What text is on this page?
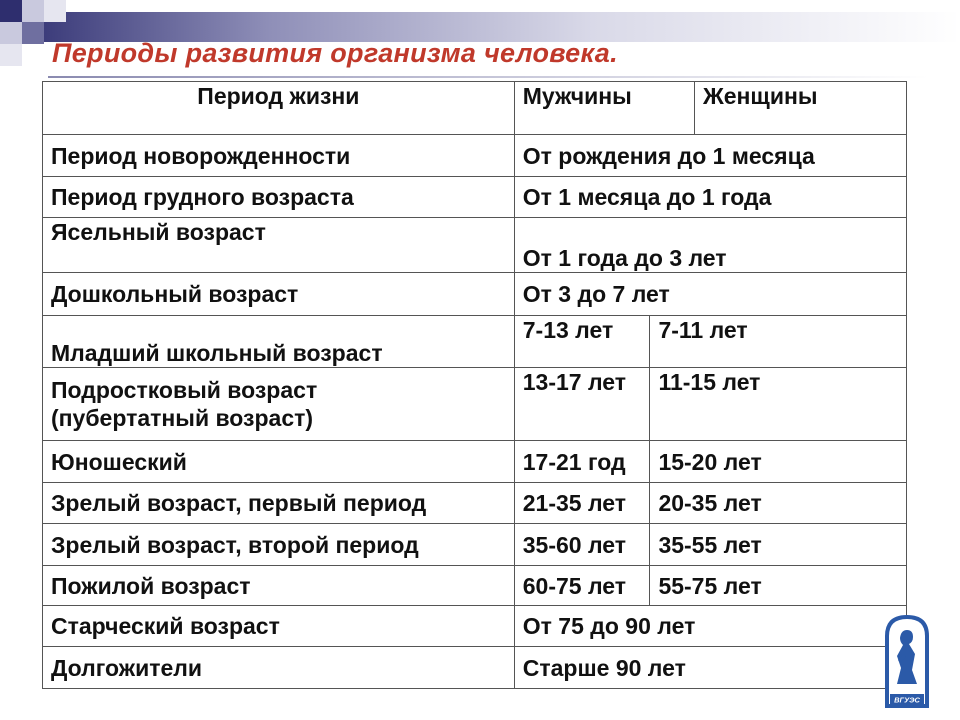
Периоды развития организма человека.
Период жизни	Мужчины		Женщины
Период новорожденности	От рождения до 1 месяца		
Период грудного возраста	От 1 месяца до 1 года		
Ясельный возраст	От 1 года до 3 лет		
Дошкольный возраст	От 3 до 7 лет		
Младший школьный возраст	7-13 лет	7-11 лет	

Подростковый возраст
(пубертатный возраст)	13-17 лет	11-15 лет	
Юношеский	17-21 год	15-20 лет	
Зрелый возраст, первый период	21-35 лет	20-35 лет	
Зрелый возраст, второй период	35-60 лет	35-55 лет	
Пожилой возраст	60-75 лет	55-75 лет	
Старческий возраст	От 75 до 90 лет		
Долгожители	Старше 90 лет		
ВГУЭС
